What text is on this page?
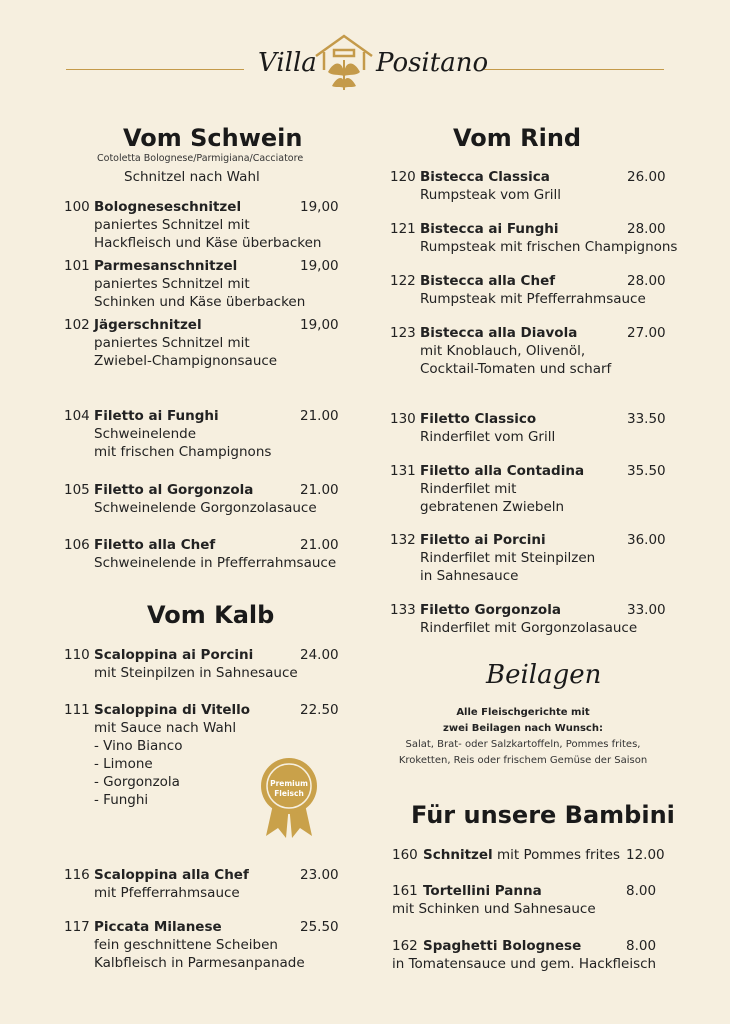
Villa Positano
Vom Schwein
Cotoletta Bolognese/Parmigiana/Cacciatore
Schnitzel nach Wahl
100 Bologneseschnitzel
paniertes Schnitzel mit
Hackfleisch und Käse überbacken
19,00
101 Parmesanschnitzel
paniertes Schnitzel mit
Schinken und Käse überbacken
19,00
102 Jägerschnitzel
paniertes Schnitzel mit
Zwiebel-Champignonsauce
19,00
104 Filetto ai Funghi
Schweinelende
mit frischen Champignons
21.00
105 Filetto al Gorgonzola
Schweinelende Gorgonzolasauce
21.00
106 Filetto alla Chef
Schweinelende in Pfefferrahmsauce
21.00
Vom Kalb
110 Scaloppina ai Porcini
mit Steinpilzen in Sahnesauce
24.00
111 Scaloppina di Vitello
mit Sauce nach Wahl
- Vino Bianco
- Limone
- Gorgonzola
- Funghi
22.50
116 Scaloppina alla Chef
mit Pfefferrahmsauce
23.00
117 Piccata Milanese
fein geschnittene Scheiben
Kalbfleisch in Parmesanpanade
25.50
Premium
Fleisch
Vom Rind
120 Bistecca Classica
Rumpsteak vom Grill
26.00
121 Bistecca ai Funghi
Rumpsteak mit frischen Champignons
28.00
122 Bistecca alla Chef
Rumpsteak mit Pfefferrahmsauce
28.00
123 Bistecca alla Diavola
mit Knoblauch, Olivenöl,
Cocktail-Tomaten und scharf
27.00
130 Filetto Classico
Rinderfilet vom Grill
33.50
131 Filetto alla Contadina
Rinderfilet mit
gebratenen Zwiebeln
35.50
132 Filetto ai Porcini
Rinderfilet mit Steinpilzen
in Sahnesauce
36.00
133 Filetto Gorgonzola
Rinderfilet mit Gorgonzolasauce
33.00
Beilagen
Alle Fleischgerichte mit
zwei Beilagen nach Wunsch:
Salat, Brat- oder Salzkartoffeln, Pommes frites,
Kroketten, Reis oder frischem Gemüse der Saison
Für unsere Bambini
160 Schnitzel mit Pommes frites 12.00
161 Tortellini Panna
mit Schinken und Sahnesauce
8.00
162 Spaghetti Bolognese
in Tomatensauce und gem. Hackfleisch
8.00
